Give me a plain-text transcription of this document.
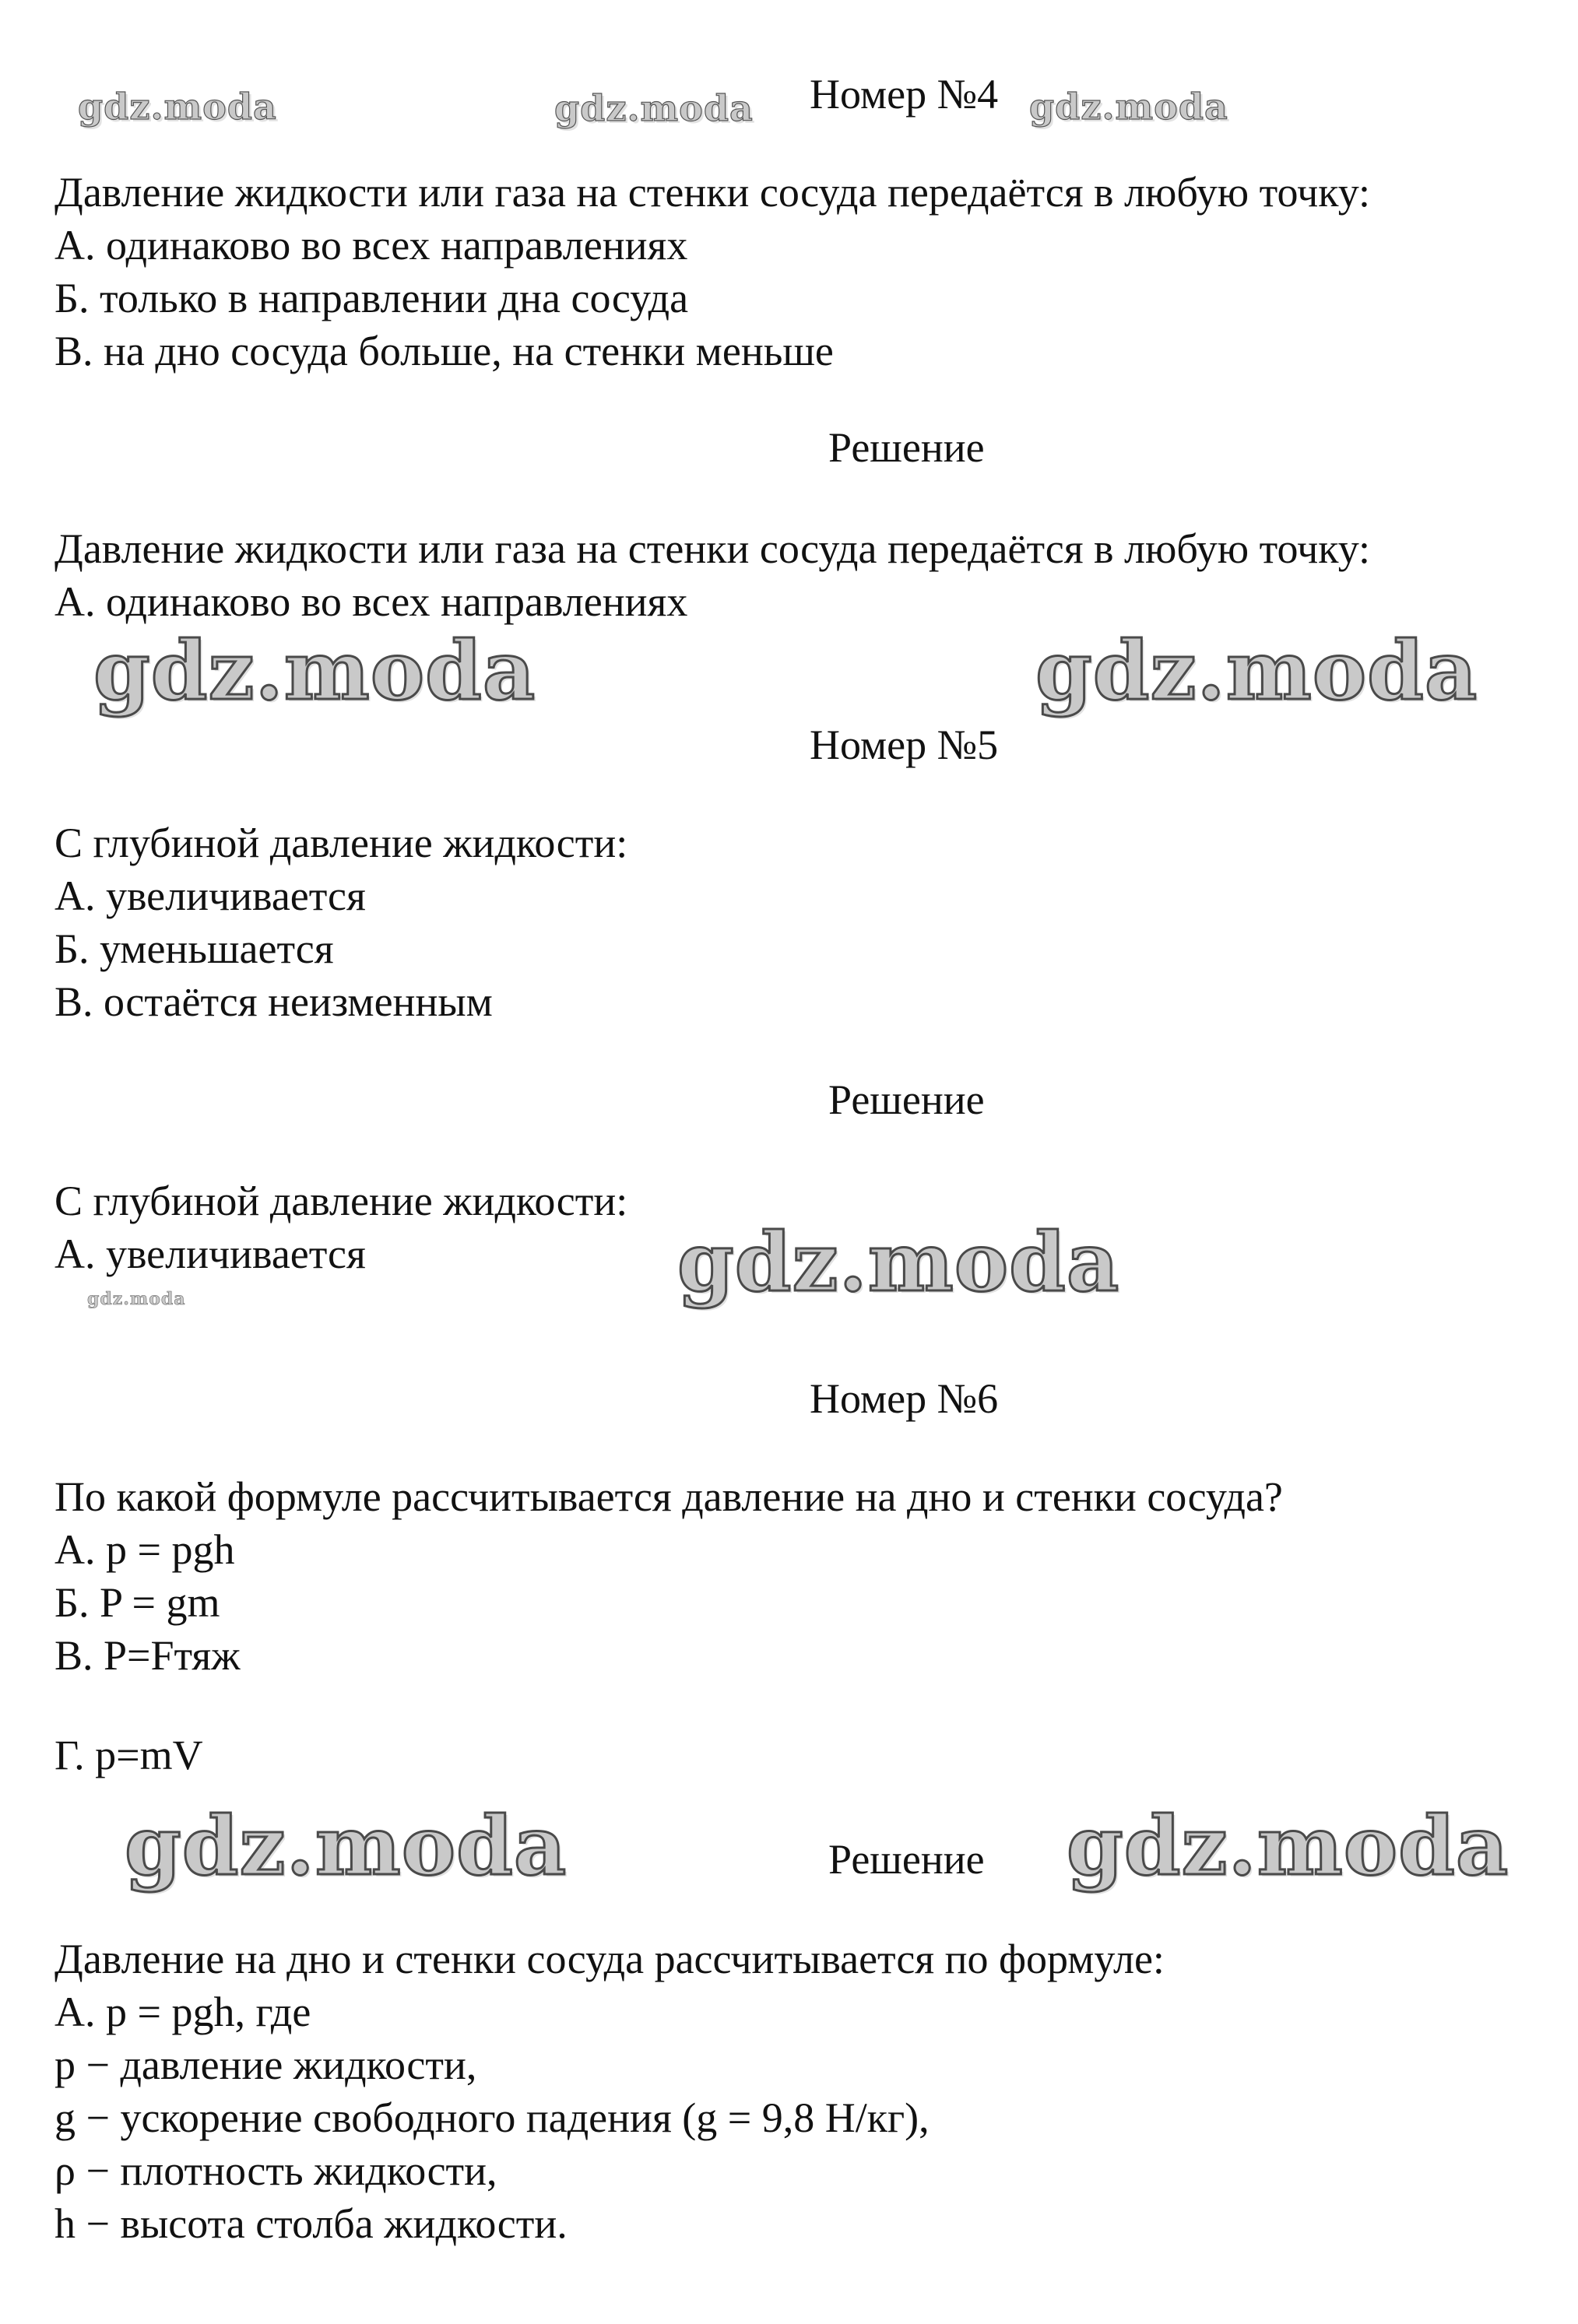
gdz.moda	gdz.moda	gdz.moda
gdz.moda	gdz.moda
gdz.moda
gdz.moda
gdz.moda	gdz.moda
Номер №4
Давление жидкости или газа на стенки сосуда передаётся в любую точку:
А. одинаково во всех направлениях
Б. только в направлении дна сосуда
В. на дно сосуда больше, на стенки меньше
Решение
Давление жидкости или газа на стенки сосуда передаётся в любую точку:
А. одинаково во всех направлениях
Номер №5
С глубиной давление жидкости:
А. увеличивается
Б. уменьшается
В. остаётся неизменным
Решение
С глубиной давление жидкости:
А. увеличивается
Номер №6
По какой формуле рассчитывается давление на дно и стенки сосуда?
А. p = pgh
Б. P = gm
В. P=Fтяж
Г. p=mV
Решение
Давление на дно и стенки сосуда рассчитывается по формуле:
А. p = pgh, где
p − давление жидкости,
g − ускорение свободного падения (g = 9,8 Н/кг),
ρ − плотность жидкости,
h − высота столба жидкости.
